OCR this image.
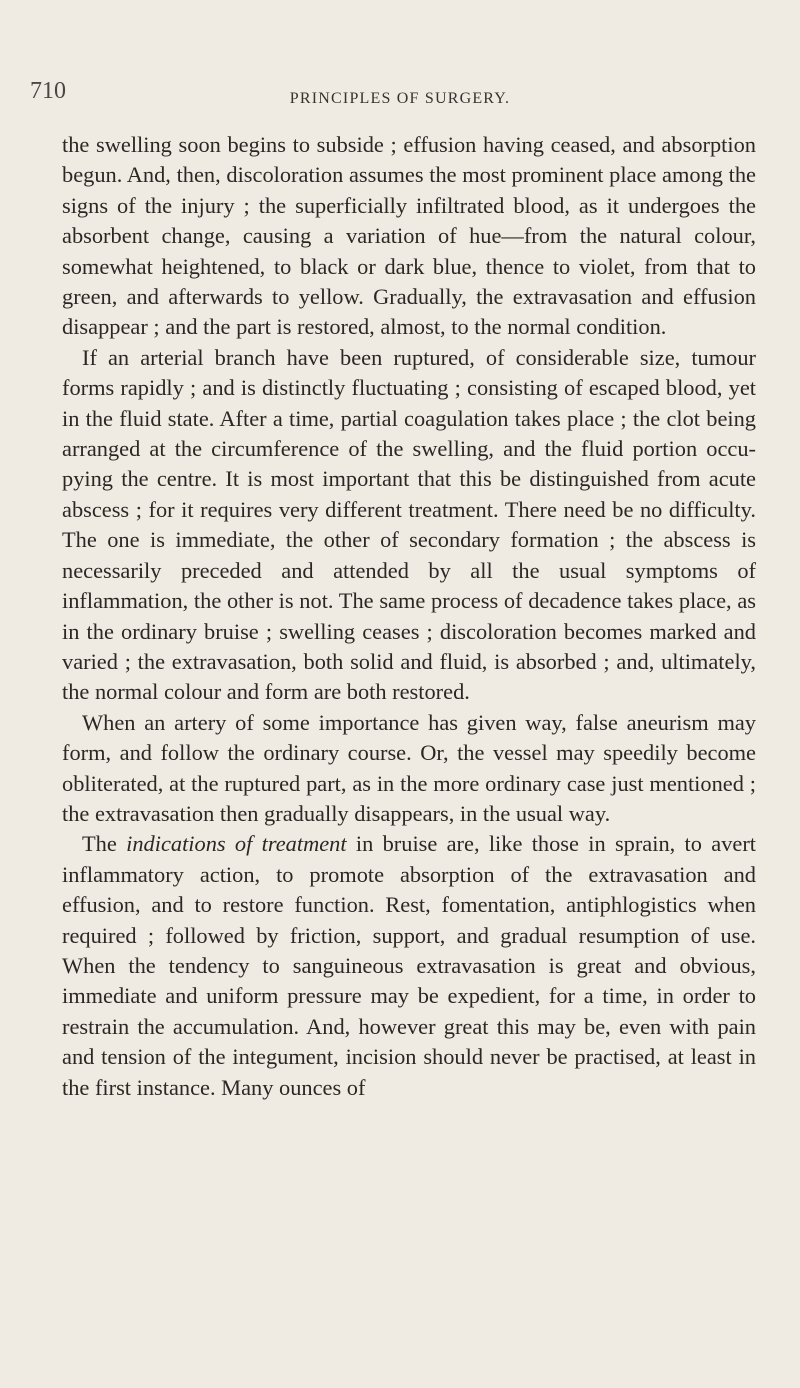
710	PRINCIPLES OF SURGERY.

the swelling soon begins to subside ; effusion having ceased, and absorption begun. And, then, discoloration assumes the most prominent place among the signs of the injury ; the superficially infiltrated blood, as it undergoes the absorbent change, causing a variation of hue—from the natural colour, somewhat heightened, to black or dark blue, thence to violet, from that to green, and afterwards to yellow. Gradually, the extravasation and effusion disappear ; and the part is restored, almost, to the normal condition.

If an arterial branch have been ruptured, of considerable size, tumour forms rapidly ; and is distinctly fluctuating ; consisting of escaped blood, yet in the fluid state. After a time, partial coagulation takes place ; the clot being arranged at the circumference of the swelling, and the fluid portion occupying the centre. It is most important that this be distinguished from acute abscess ; for it requires very different treatment. There need be no difficulty. The one is immediate, the other of secondary formation ; the abscess is necessarily preceded and attended by all the usual symptoms of inflammation, the other is not. The same process of decadence takes place, as in the ordinary bruise ; swelling ceases ; discoloration becomes marked and varied ; the extravasation, both solid and fluid, is absorbed ; and, ultimately, the normal colour and form are both restored.

When an artery of some importance has given way, false aneurism may form, and follow the ordinary course. Or, the vessel may speedily become obliterated, at the ruptured part, as in the more ordinary case just mentioned ; the extravasation then gradually disappears, in the usual way.

The indications of treatment in bruise are, like those in sprain, to avert inflammatory action, to promote absorption of the extravasation and effusion, and to restore function. Rest, fomentation, antiphlogistics when required ; followed by friction, support, and gradual resumption of use. When the tendency to sanguineous extravasation is great and obvious, immediate and uniform pressure may be expedient, for a time, in order to restrain the accumulation. And, however great this may be, even with pain and tension of the integument, incision should never be practised, at least in the first instance. Many ounces of
